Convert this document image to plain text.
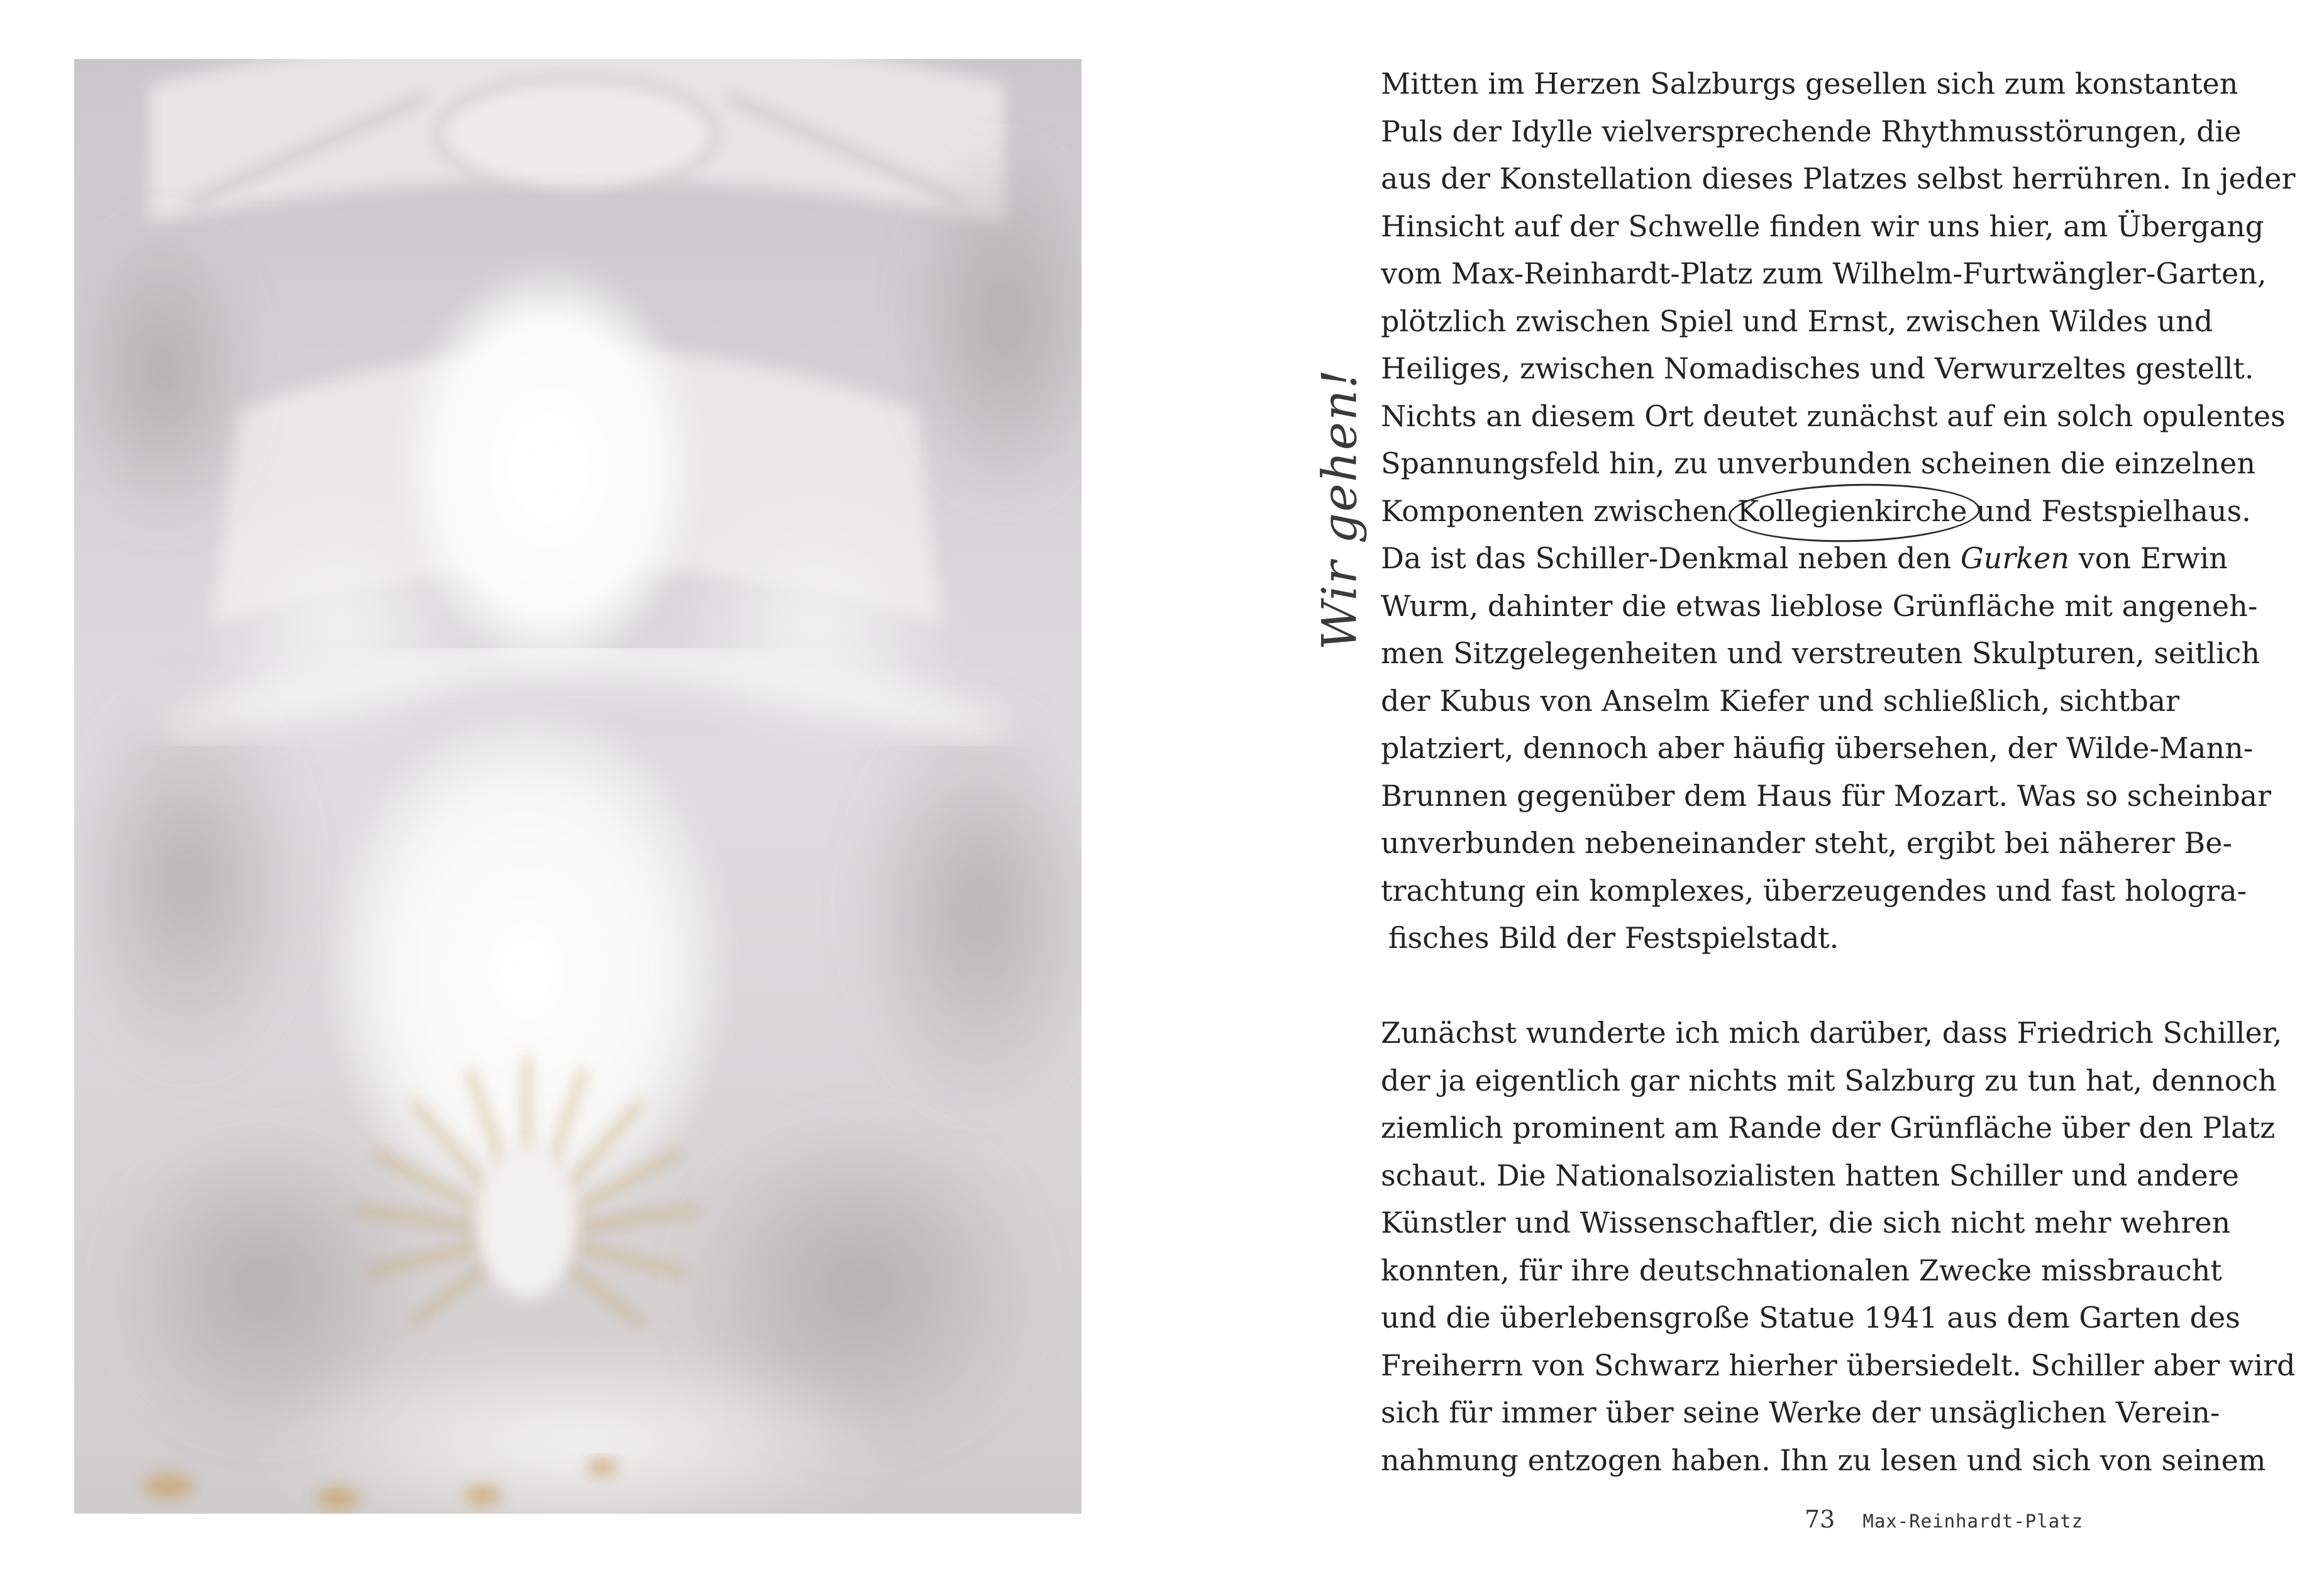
Wir gehen!
Mitten im Herzen Salzburgs gesellen sich zum konstanten
Puls der Idylle vielversprechende Rhythmusstörungen, die
aus der Konstellation dieses Platzes selbst herrühren. In jeder
Hinsicht auf der Schwelle finden wir uns hier, am Übergang
vom Max-Reinhardt-Platz zum Wilhelm-Furtwängler-Garten,
plötzlich zwischen Spiel und Ernst, zwischen Wildes und
Heiliges, zwischen Nomadisches und Verwurzeltes gestellt.
Nichts an diesem Ort deutet zunächst auf ein solch opulentes
Spannungsfeld hin, zu unverbunden scheinen die einzelnen
Komponenten zwischen Kollegienkirche und Festspielhaus.
Da ist das Schiller-Denkmal neben den Gurken von Erwin
Wurm, dahinter die etwas lieblose Grünfläche mit angeneh-
men Sitzgelegenheiten und verstreuten Skulpturen, seitlich
der Kubus von Anselm Kiefer und schließlich, sichtbar
platziert, dennoch aber häufig übersehen, der Wilde-Mann-
Brunnen gegenüber dem Haus für Mozart. Was so scheinbar
unverbunden nebeneinander steht, ergibt bei näherer Be-
trachtung ein komplexes, überzeugendes und fast hologra-
fisches Bild der Festspielstadt.
Zunächst wunderte ich mich darüber, dass Friedrich Schiller,
der ja eigentlich gar nichts mit Salzburg zu tun hat, dennoch
ziemlich prominent am Rande der Grünfläche über den Platz
schaut. Die Nationalsozialisten hatten Schiller und andere
Künstler und Wissenschaftler, die sich nicht mehr wehren
konnten, für ihre deutschnationalen Zwecke missbraucht
und die überlebensgroße Statue 1941 aus dem Garten des
Freiherrn von Schwarz hierher übersiedelt. Schiller aber wird
sich für immer über seine Werke der unsäglichen Verein-
nahmung entzogen haben. Ihn zu lesen und sich von seinem
73 Max-Reinhardt-Platz
